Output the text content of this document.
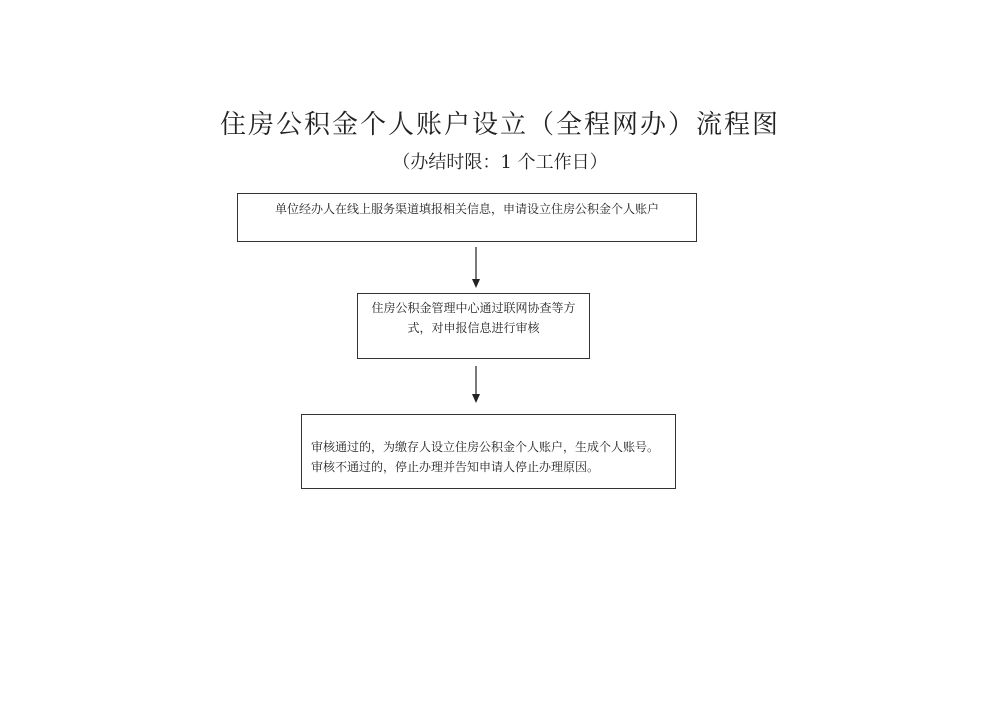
住房公积金个人账户设立（全程网办）流程图
（办结时限：1 个工作日）
单位经办人在线上服务渠道填报相关信息，申请设立住房公积金个人账户
住房公积金管理中心通过联网协查等方式，对申报信息进行审核
审核通过的，为缴存人设立住房公积金个人账户，生成个人账号。
审核不通过的，停止办理并告知申请人停止办理原因。
